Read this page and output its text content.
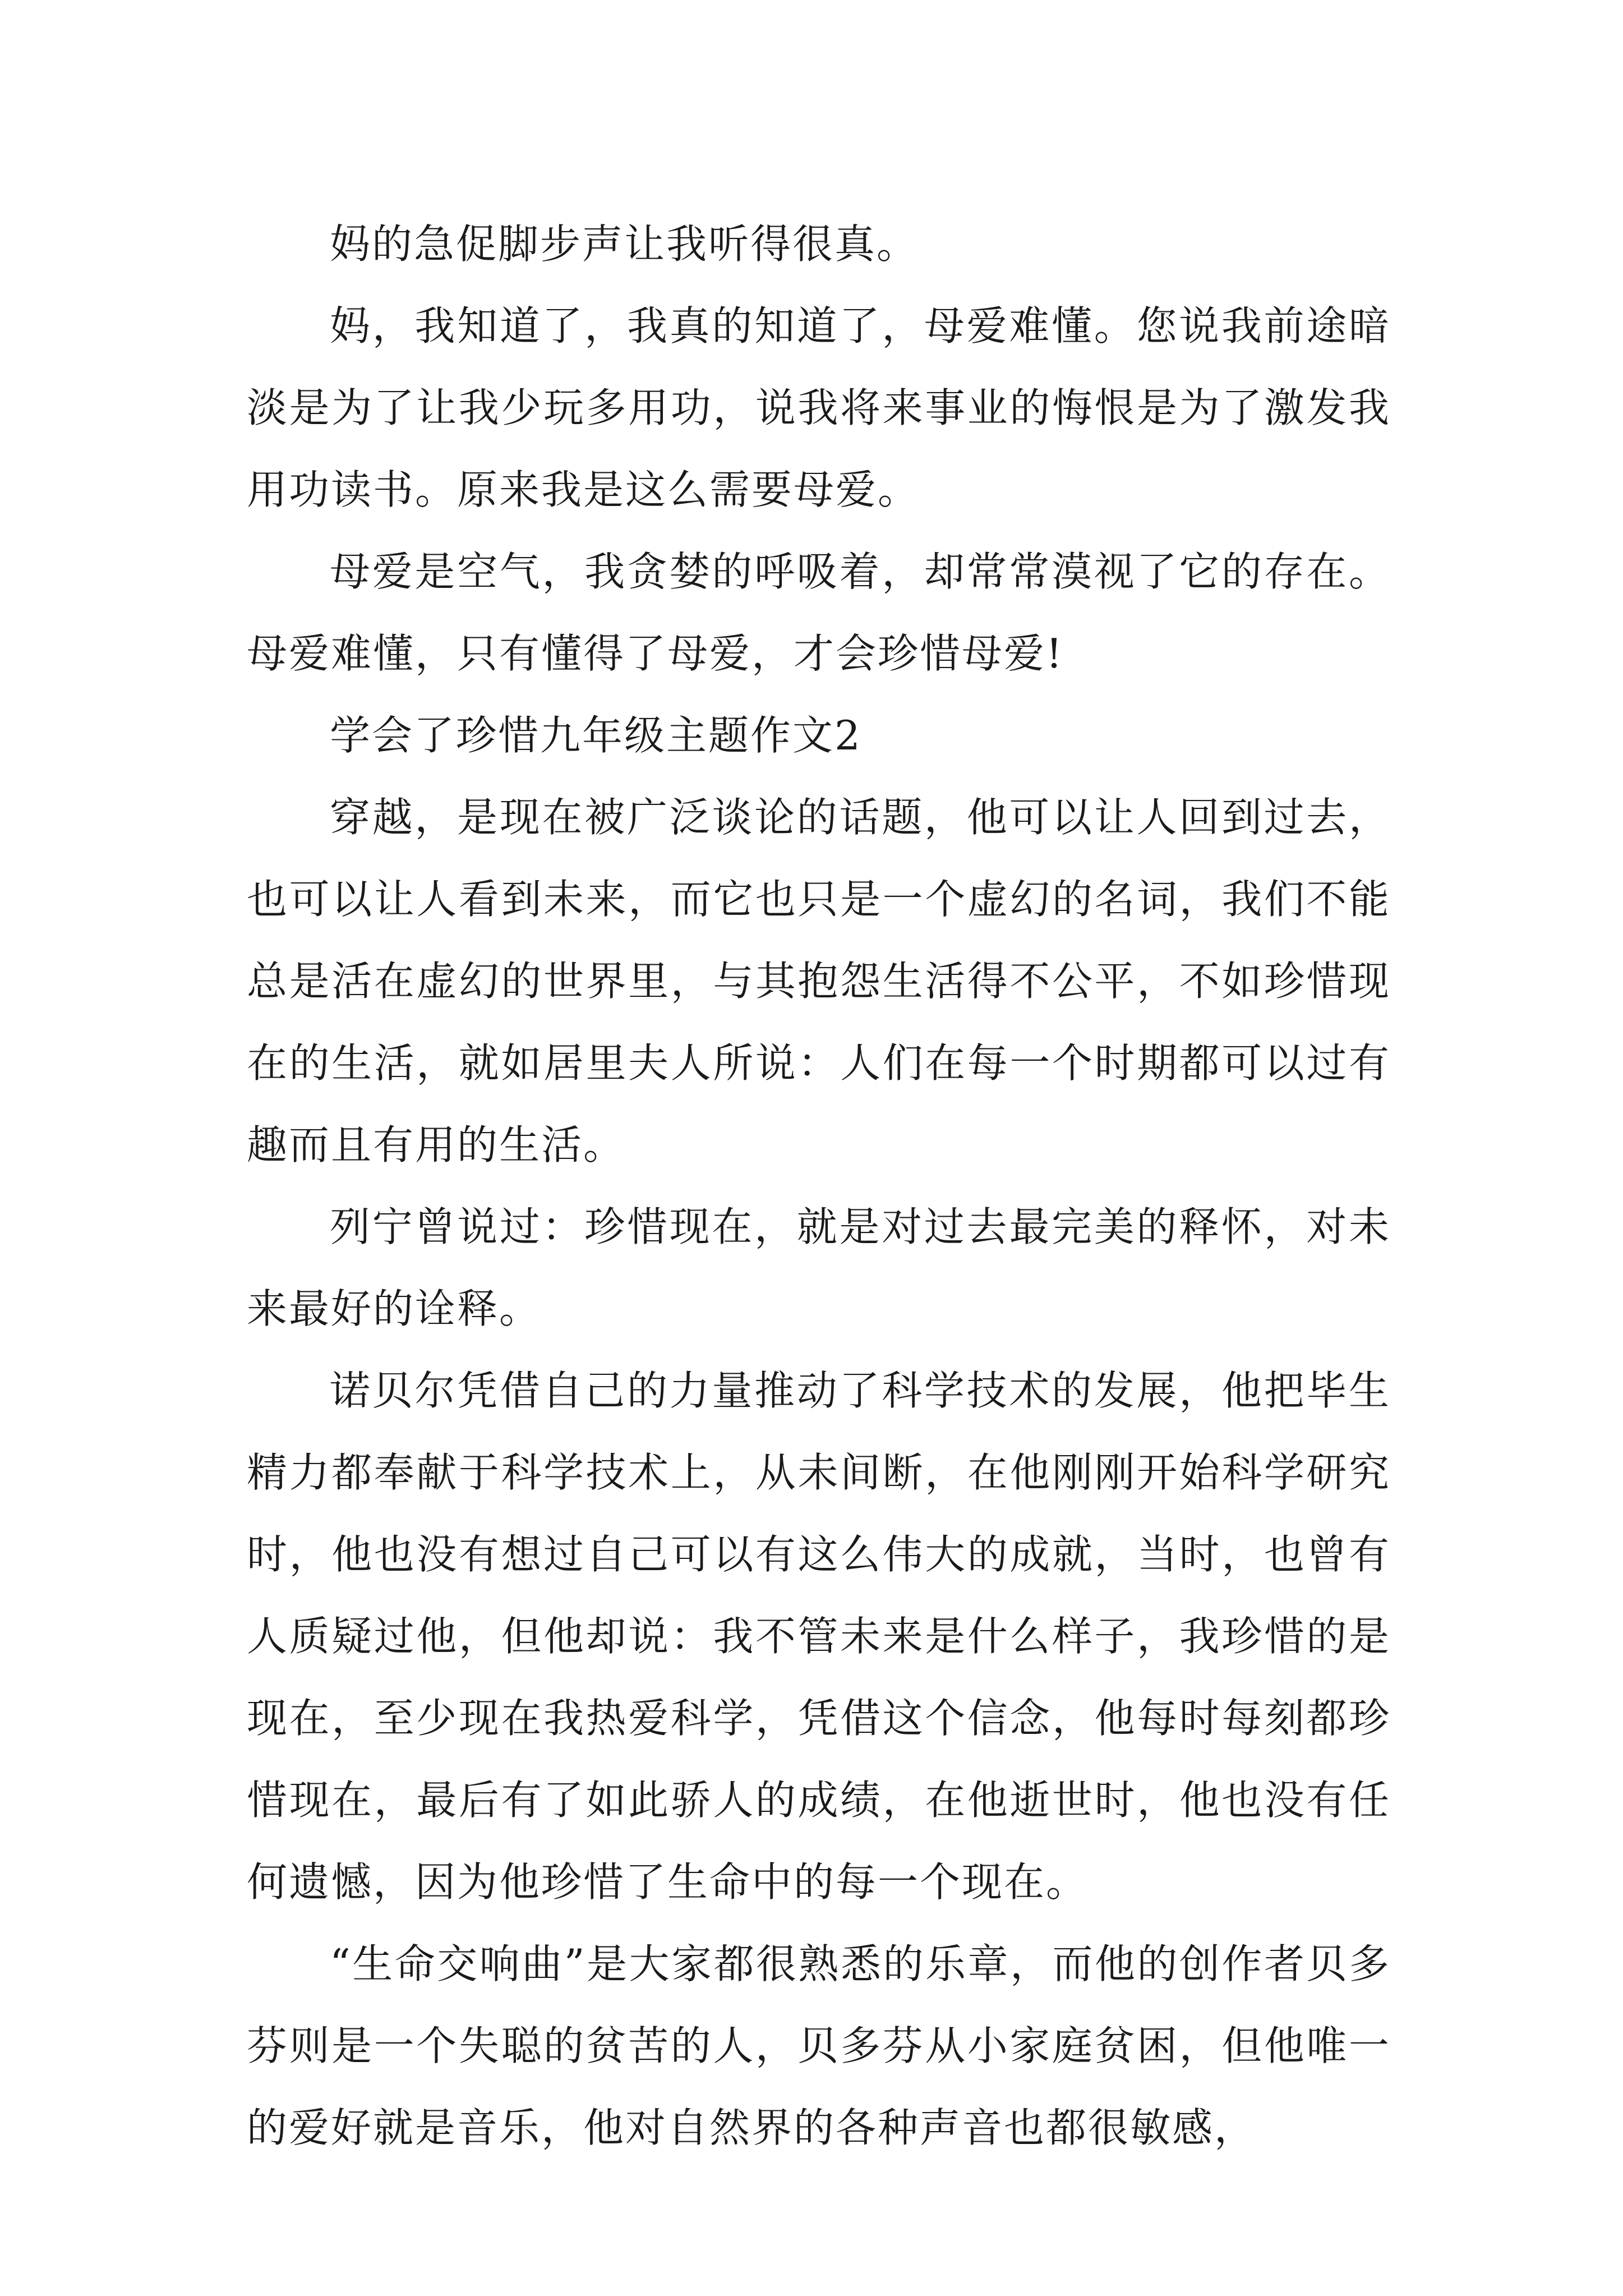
妈的急促脚步声让我听得很真。

妈，我知道了，我真的知道了，母爱难懂。您说我前途暗淡是为了让我少玩多用功，说我将来事业的悔恨是为了激发我用功读书。原来我是这么需要母爱。

母爱是空气，我贪婪的呼吸着，却常常漠视了它的存在。母爱难懂，只有懂得了母爱，才会珍惜母爱!

学会了珍惜九年级主题作文2

穿越，是现在被广泛谈论的话题，他可以让人回到过去，也可以让人看到未来，而它也只是一个虚幻的名词，我们不能总是活在虚幻的世界里，与其抱怨生活得不公平，不如珍惜现在的生活，就如居里夫人所说：人们在每一个时期都可以过有趣而且有用的生活。

列宁曾说过：珍惜现在，就是对过去最完美的释怀，对未来最好的诠释。

诺贝尔凭借自己的力量推动了科学技术的发展，他把毕生精力都奉献于科学技术上，从未间断，在他刚刚开始科学研究时，他也没有想过自己可以有这么伟大的成就，当时，也曾有人质疑过他，但他却说：我不管未来是什么样子，我珍惜的是现在，至少现在我热爱科学，凭借这个信念，他每时每刻都珍惜现在，最后有了如此骄人的成绩，在他逝世时，他也没有任何遗憾，因为他珍惜了生命中的每一个现在。

“生命交响曲”是大家都很熟悉的乐章，而他的创作者贝多芬则是一个失聪的贫苦的人，贝多芬从小家庭贫困，但他唯一的爱好就是音乐，他对自然界的各种声音也都很敏感，
